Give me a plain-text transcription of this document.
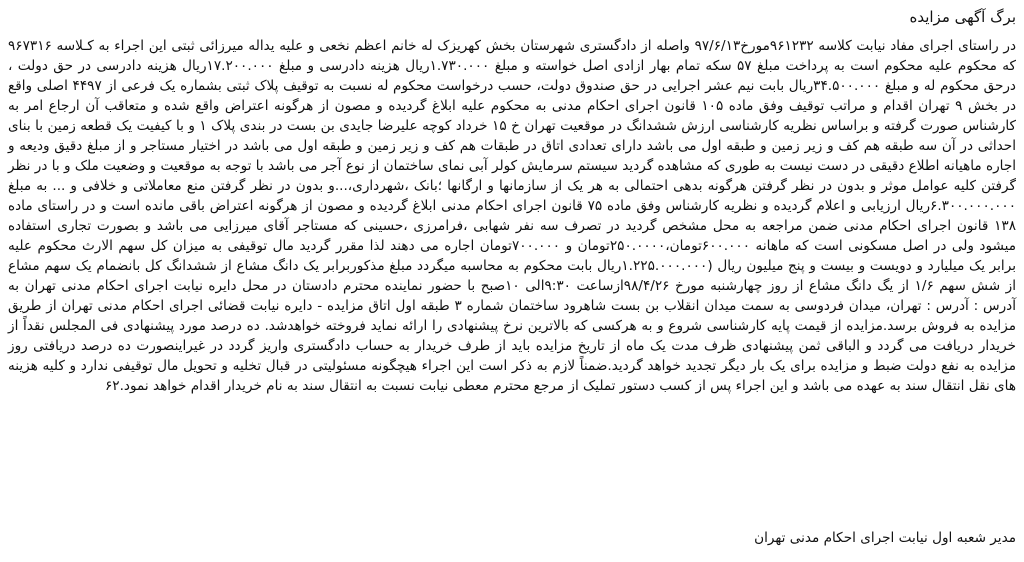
برگ آگهی مزایده

در راستای اجرای مفاد نیابت کلاسه ۹۶۱۲۳۲مورخ۹۷/۶/۱۳ واصله از دادگستری شهرستان بخش کهریزک له خانم اعظم نخعی و علیه یداله میرزائی ثبتی این اجراء به کـلاسه ۹۶۷۳۱۶ که محکوم علیه محکوم است به پرداخت مبلغ ۵۷ سکه تمام بهار ازادی اصل خواسته و مبلغ ۱.۷۳۰.۰۰۰ریال هزینه دادرسی و مبلغ ۱۷.۲۰۰.۰۰۰ریال هزینه دادرسی در حق دولت ، درحق محکوم له و مبلغ ۳۴.۵۰۰.۰۰۰ریال بابت نیم عشر اجرایی در حق صندوق دولت، حسب درخواست محکوم له نسبت به توقیف پلاک ثبتی بشماره یک فرعی از ۴۴۹۷ اصلی واقع در بخش ۹ تهران اقدام و مراتب توقیف وفق ماده ۱۰۵ قانون اجرای احکام مدنی به محکوم علیه ابلاغ گردیده و مصون از هرگونه اعتراض واقع شده و متعاقب آن ارجاع امر به کارشناس صورت گرفته و براساس نظریه کارشناسی ارزش ششدانگ در موقعیت تهران خ ۱۵ خرداد کوچه علیرضا جایدی بن بست در بندی پلاک ۱ و با کیفیت یک قطعه زمین با بنای احداثی در آن سه طبقه هم کف و زیر زمین و طبقه اول می باشد دارای تعدادی اتاق در طبقات هم کف و زیر زمین و طبقه اول می باشد در اختیار مستاجر و از مبلغ دقیق ودیعه و اجاره ماهیانه اطلاع دقیقی در دست نیست به طوری که مشاهده گردید سیستم سرمایش کولر آبی نمای ساختمان از نوع آجر می باشد با توجه به موقعیت و وضعیت ملک و با در نظر گرفتن کلیه عوامل موثر و بدون در نظر گرفتن هرگونه بدهی احتمالی به هر یک از سازمانها و ارگانها ؛بانک ،شهرداری،...و بدون در نظر گرفتن منع معاملاتی و خلافی و ... به مبلغ ۶.۳۰۰.۰۰۰.۰۰۰ریال ارزیابی و اعلام گردیده و نظریه کارشناس وفق ماده ۷۵ قانون اجرای احکام مدنی ابلاغ گردیده و مصون از هرگونه اعتراض باقی مانده است و در راستای ماده ۱۳۸ قانون اجرای احکام مدنی ضمن مراجعه به محل مشخص گردید در تصرف سه نفر شهابی ،فرامرزی ،حسینی که مستاجر آقای میرزایی می باشد و بصورت تجاری استفاده میشود ولی در اصل مسکونی است که ماهانه ۶۰۰.۰۰۰تومان،۲۵۰.۰۰۰۰تومان و ۷۰۰.۰۰۰تومان اجاره می دهند لذا مقرر گردید مال توقیفی به میزان کل سهم الارث محکوم علیه برابر یک میلیارد و دویست و بیست و پنج میلیون ریال (۱.۲۲۵.۰۰۰.۰۰۰ریال بابت محکوم به محاسبه میگردد مبلغ مذکوربرابر یک دانگ مشاع از ششدانگ کل بانضمام یک سهم مشاع از شش سهم ۱/۶ از یگ دانگ مشاع از روز چهارشنبه مورخ ۹۸/۴/۲۶ازساعت ۹:۳۰الی ۱۰صبح با حضور نماینده محترم دادستان در محل دایره نیابت اجرای احکام مدنی تهران به آدرس : آدرس : تهران، میدان فردوسی به سمت میدان انقلاب بن بست شاهرود ساختمان شماره ۳ طبقه اول اتاق مزایده - دایره نیابت قضائی اجرای احکام مدنی تهران از طریق مزایده به فروش برسد.مزایده از قیمت پایه کارشناسی شروع و به هرکسی که بالاترین نرخ پیشنهادی را ارائه نماید فروخته خواهدشد. ده درصد مورد پیشنهادی فی المجلس نقداً از خریدار دریافت می گردد و الباقی ثمن پیشنهادی ظرف مدت یک ماه از تاریخ مزایده باید از طرف خریدار به حساب دادگستری واریز گردد در غیراینصورت ده درصد دریافتی روز مزایده به نفع دولت ضبط و مزایده برای یک بار دیگر تجدید خواهد گردید.ضمناً لازم به ذکر است این اجراء هیچگونه مسئولیتی در قبال تخلیه و تحویل مال توقیفی ندارد و کلیه هزینه های نقل انتقال سند به عهده می باشد و این اجراء پس از کسب دستور تملیک از مرجع محترم معطی نیابت نسبت به انتقال سند به نام خریدار اقدام خواهد نمود.۶۲

مدیر شعبه اول نیابت اجرای احکام مدنی تهران
